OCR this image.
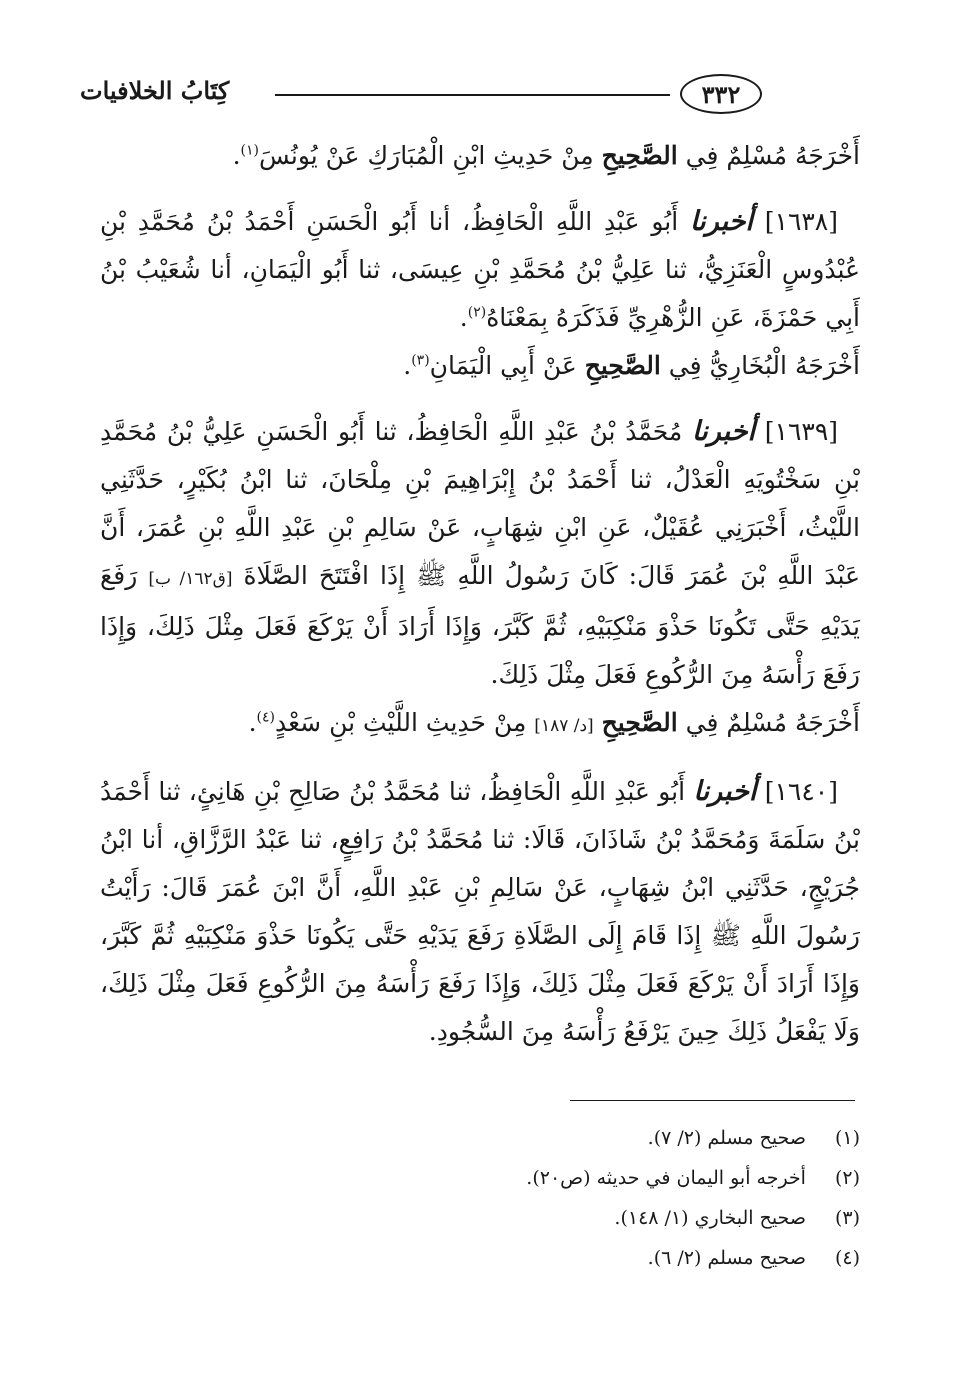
كِتَابُ الخلافيات	٣٣٢

أَخْرَجَهُ مُسْلِمٌ فِي الصَّحِيحِ مِنْ حَدِيثِ ابْنِ الْمُبَارَكِ عَنْ يُونُسَ$^{(١)}$.

[١٦٣٨] أخبرنا أَبُو عَبْدِ اللَّهِ الْحَافِظُ، أنا أَبُو الْحَسَنِ أَحْمَدُ بْنُ مُحَمَّدِ بْنِ عُبْدُوسٍ الْعَنَزِيُّ، ثنا عَلِيُّ بْنُ مُحَمَّدِ بْنِ عِيسَى، ثنا أَبُو الْيَمَانِ، أنا شُعَيْبُ بْنُ أَبِي حَمْزَةَ، عَنِ الزُّهْرِيِّ فَذَكَرَهُ بِمَعْنَاهُ$^{(٢)}$.

أَخْرَجَهُ الْبُخَارِيُّ فِي الصَّحِيحِ عَنْ أَبِي الْيَمَانِ$^{(٣)}$.

[١٦٣٩] أخبرنا مُحَمَّدُ بْنُ عَبْدِ اللَّهِ الْحَافِظُ، ثنا أَبُو الْحَسَنِ عَلِيُّ بْنُ مُحَمَّدِ بْنِ سَخْتُويَهِ الْعَدْلُ، ثنا أَحْمَدُ بْنُ إِبْرَاهِيمَ بْنِ مِلْحَانَ، ثنا ابْنُ بُكَيْرٍ، حَدَّثَنِي اللَّيْثُ، أَخْبَرَنِي عُقَيْلٌ، عَنِ ابْنِ شِهَابٍ، عَنْ سَالِمِ بْنِ عَبْدِ اللَّهِ بْنِ عُمَرَ، أَنَّ عَبْدَ اللَّهِ بْنَ عُمَرَ قَالَ: كَانَ رَسُولُ اللَّهِ ﷺ إِذَا افْتَتَحَ الصَّلَاةَ [ق١٦٢/ ب] رَفَعَ يَدَيْهِ حَتَّى تَكُونَا حَذْوَ مَنْكِبَيْهِ، ثُمَّ كَبَّرَ، وَإِذَا أَرَادَ أَنْ يَرْكَعَ فَعَلَ مِثْلَ ذَلِكَ، وَإِذَا رَفَعَ رَأْسَهُ مِنَ الرُّكُوعِ فَعَلَ مِثْلَ ذَلِكَ.

أَخْرَجَهُ مُسْلِمٌ فِي الصَّحِيحِ [د/ ١٨٧] مِنْ حَدِيثِ اللَّيْثِ بْنِ سَعْدٍ$^{(٤)}$.

[١٦٤٠] أخبرنا أَبُو عَبْدِ اللَّهِ الْحَافِظُ، ثنا مُحَمَّدُ بْنُ صَالِحِ بْنِ هَانِئٍ، ثنا أَحْمَدُ بْنُ سَلَمَةَ وَمُحَمَّدُ بْنُ شَاذَانَ، قَالَا: ثنا مُحَمَّدُ بْنُ رَافِعٍ، ثنا عَبْدُ الرَّزَّاقِ، أنا ابْنُ جُرَيْجٍ، حَدَّثَنِي ابْنُ شِهَابٍ، عَنْ سَالِمِ بْنِ عَبْدِ اللَّهِ، أَنَّ ابْنَ عُمَرَ قَالَ: رَأَيْتُ رَسُولَ اللَّهِ ﷺ إِذَا قَامَ إِلَى الصَّلَاةِ رَفَعَ يَدَيْهِ حَتَّى يَكُونَا حَذْوَ مَنْكِبَيْهِ ثُمَّ كَبَّرَ، وَإِذَا أَرَادَ أَنْ يَرْكَعَ فَعَلَ مِثْلَ ذَلِكَ، وَإِذَا رَفَعَ رَأْسَهُ مِنَ الرُّكُوعِ فَعَلَ مِثْلَ ذَلِكَ، وَلَا يَفْعَلُ ذَلِكَ حِينَ يَرْفَعُ رَأْسَهُ مِنَ السُّجُودِ.

(١) صحيح مسلم (٢/ ٧).

(٢) أخرجه أبو اليمان في حديثه (ص٢٠).

(٣) صحيح البخاري (١/ ١٤٨).

(٤) صحيح مسلم (٢/ ٦).
